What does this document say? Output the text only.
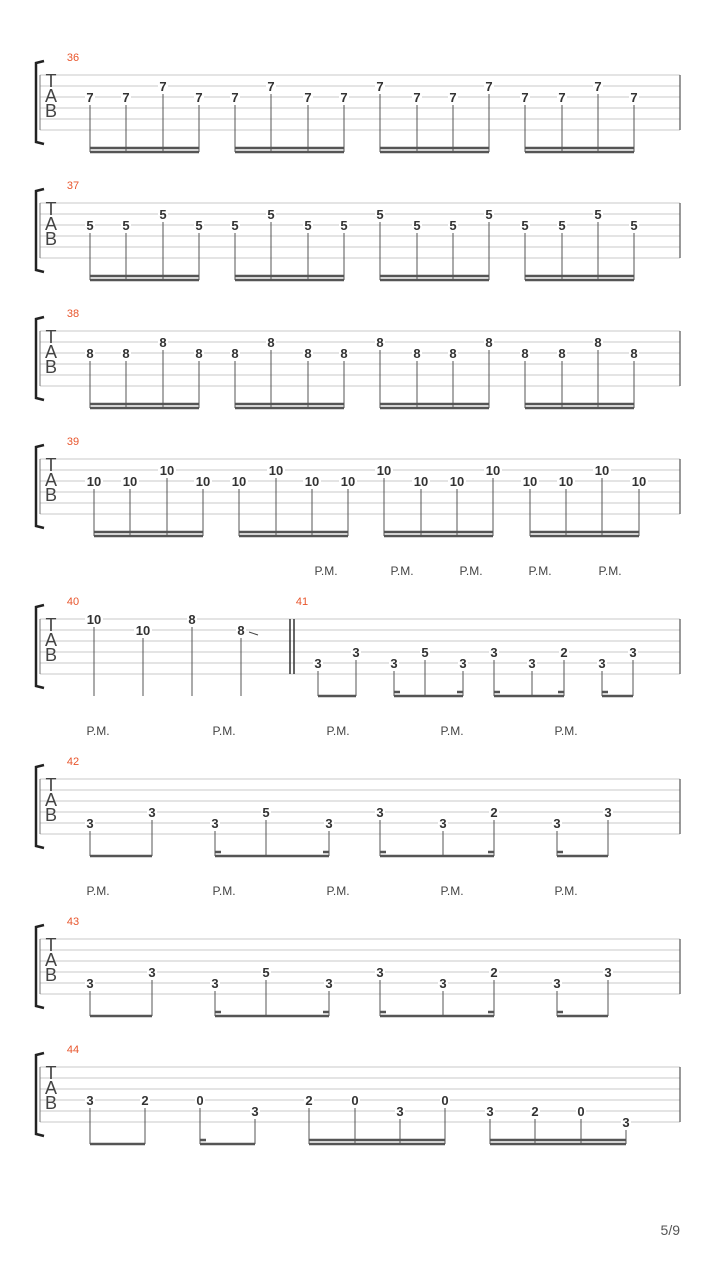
T
A
B
36
7 7
7
7 7
7
7 7
7
7 7
7
7 7
7
7
T
A
B
37
5 5
5
5 5
5
5 5
5
5 5
5
5 5
5
5
T
A
B
38
8 8
8
8 8
8
8 8
8
8 8
8
8 8
8
8
T
A
B
39
10 10
10
10 10
10
10 10
10
10 10
10
10 10
10
10
T
A
B
P.M.	P.M.	P.M.	P.M.	P.M.
40
10
10
8
8
41
3
3
3
5
3
3
3
2
3
3
T
A
B
P.M.	P.M.	P.M.	P.M.	P.M.
42
3
3
3
5
3
3
3
2
3
3
T
A
B
P.M.	P.M.	P.M.	P.M.	P.M.
43
3
3
3
5
3
3
3
2
3
3
T
A
B
44
3	2	0
3
2	0
3
0
3	2	0
3
5/9
